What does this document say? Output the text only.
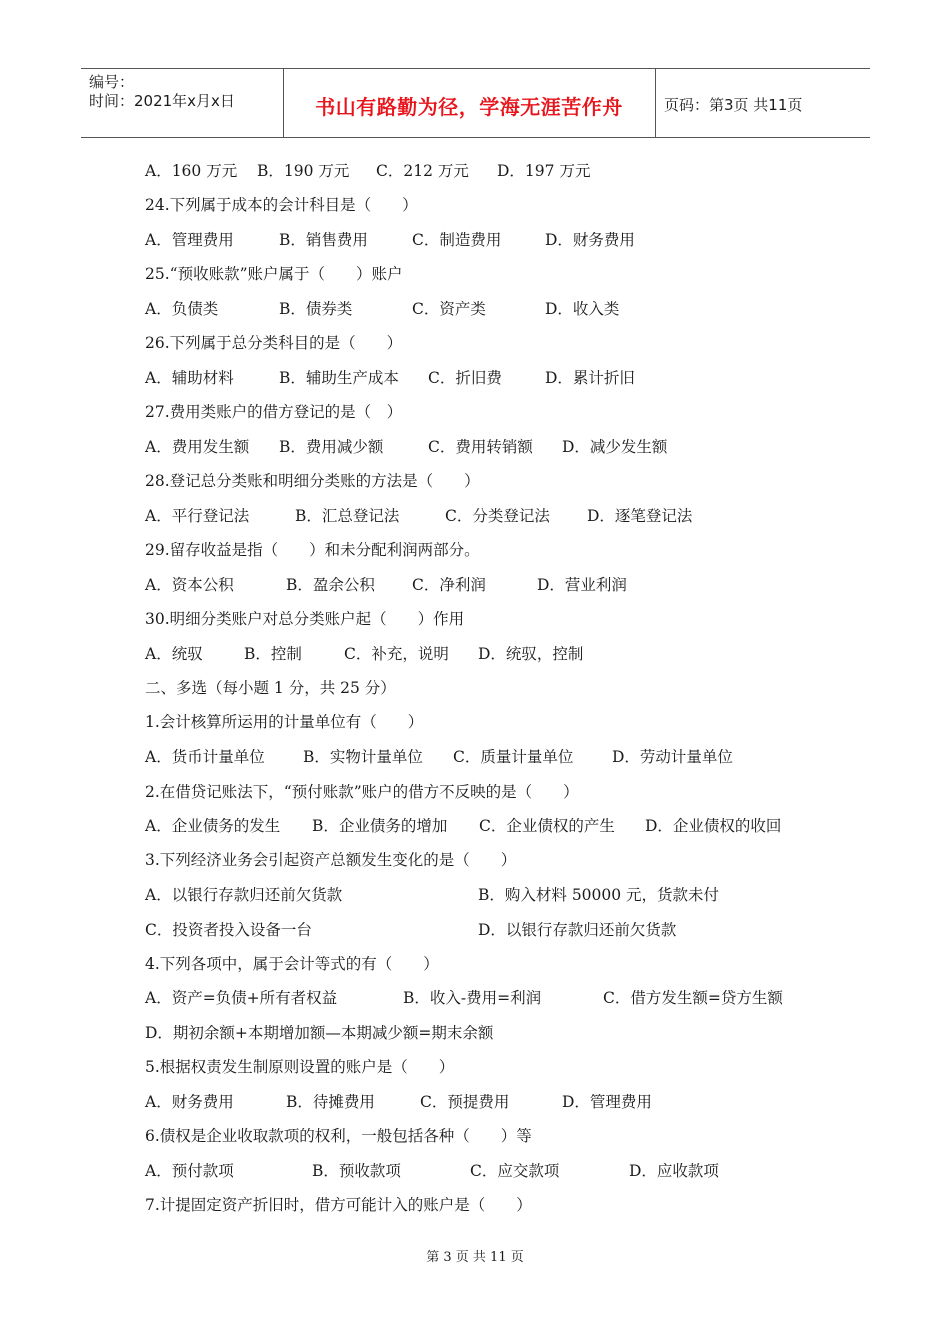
编号：
时间：2021年x月x日	书山有路勤为径，学海无涯苦作舟	页码：第3页 共11页
A．160 万元 B．190 万元 C．212 万元 D．197 万元
24.下列属于成本的会计科目是（　　）
A．管理费用	B．销售费用	C．制造费用	D．财务费用
25.“预收账款”账户属于（　　）账户
A．负债类	B．债券类	C．资产类	D．收入类
26.下列属于总分类科目的是（　　）
A．辅助材料	B．辅助生产成本 C．折旧费	D．累计折旧
27.费用类账户的借方登记的是（　）
A．费用发生额 B．费用减少额	C．费用转销额 D．减少发生额
28.登记总分类账和明细分类账的方法是（　　）
A．平行登记法	B．汇总登记法	C．分类登记法 D．逐笔登记法
29.留存收益是指（　　）和未分配利润两部分。
A．资本公积	B．盈余公积 C．净利润	D．营业利润
30.明细分类账户对总分类账户起（　　）作用
A．统驭	B．控制	C．补充，说明 D．统驭，控制
二、多选（每小题 1 分，共 25 分）
1.会计核算所运用的计量单位有（　　）
A．货币计量单位 B．实物计量单位 C．质量计量单位 D．劳动计量单位
2.在借贷记账法下，“预付账款”账户的借方不反映的是（　　）
A．企业债务的发生 B．企业债务的增加 C．企业债权的产生 D．企业债权的收回
3.下列经济业务会引起资产总额发生变化的是（　　）
A．以银行存款归还前欠货款	B．购入材料 50000 元，货款未付
C．投资者投入设备一台	D．以银行存款归还前欠货款
4.下列各项中，属于会计等式的有（　　）
A．资产=负债+所有者权益	B．收入-费用=利润	C．借方发生额=贷方生额
D．期初余额+本期增加额—本期减少额=期末余额
5.根据权责发生制原则设置的账户是（　　）
A．财务费用	B．待摊费用	C．预提费用	D．管理费用
6.债权是企业收取款项的权利，一般包括各种（　　）等
A．预付款项	B．预收款项	C．应交款项	D．应收款项
7.计提固定资产折旧时，借方可能计入的账户是（　　）
第 3 页 共 11 页
